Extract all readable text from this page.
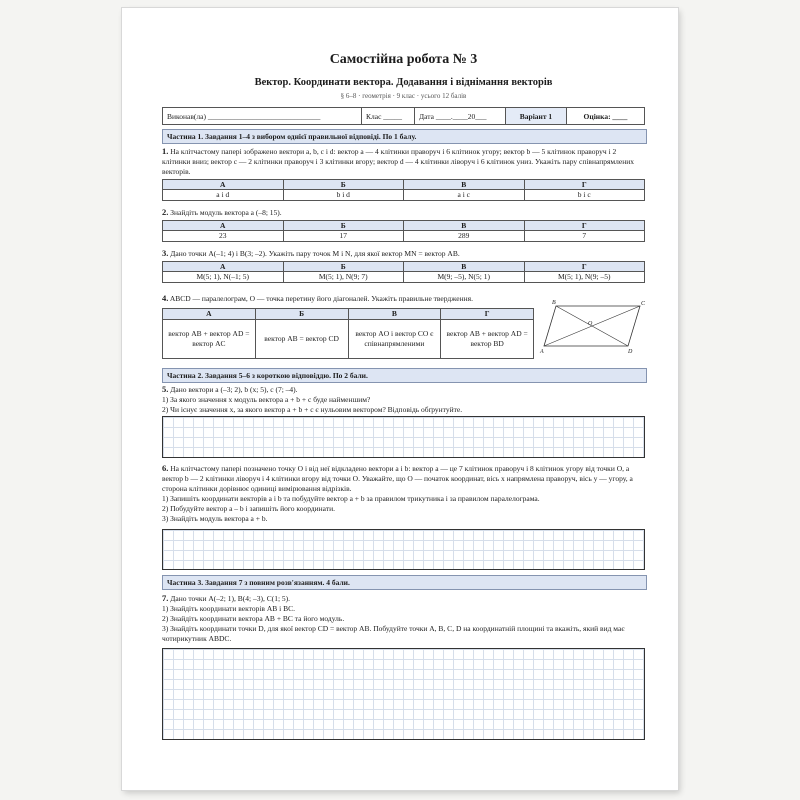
Самостійна робота № 3
Вектор. Координати вектора. Додавання і віднімання векторів
§ 6–8 · геометрія · 9 клас · усього 12 балів
Виконав(ла) ______________________________	Клас _____	Дата ____.____20___	Варіант 1	Оцінка: ____
Частина 1. Завдання 1–4 з вибором однієї правильної відповіді. По 1 балу.
1. На клітчастому папері зображено вектори a, b, c і d: вектор a — 4 клітинки праворуч і 6 клітинок угору; вектор b — 5 клітинок праворуч і 2 клітинки вниз; вектор c — 2 клітинки праворуч і 3 клітинки вгору; вектор d — 4 клітинки ліворуч і 6 клітинок униз. Укажіть пару співнапрямлених векторів.
А	Б	В	Г
a і d	b і d	a і c	b і c
2. Знайдіть модуль вектора a (–8; 15).
А	Б	В	Г
23	17	289	7
3. Дано точки A(–1; 4) і B(3; –2). Укажіть пару точок M і N, для якої вектор MN = вектор AB.
А	Б	В	Г
M(5; 1), N(–1; 5)	M(5; 1), N(9; 7)	M(9; –5), N(5; 1)	M(5; 1), N(9; –5)
4. ABCD — паралелограм, O — точка перетину його діагоналей. Укажіть правильне твердження.
А	Б	В	Г
вектор AB + вектор AD = вектор AC	вектор AB = вектор CD	вектор AO і вектор CO є співнапрямленими	вектор AB + вектор AD = вектор BD
B	C
A	D
O
Частина 2. Завдання 5–6 з короткою відповіддю. По 2 бали.
5. Дано вектори a (–3; 2), b (x; 5), c (7; –4).
1) За якого значення x модуль вектора a + b + c буде найменшим?
2) Чи існує значення x, за якого вектор a + b + c є нульовим вектором? Відповідь обґрунтуйте.
6. На клітчастому папері позначено точку O і від неї відкладено вектори a і b: вектор a — це 7 клітинок праворуч і 8 клітинок угору від точки O, а вектор b — 2 клітинки ліворуч і 4 клітинки вгору від точки O. Уважайте, що O — початок координат, вісь x напрямлена праворуч, вісь y — угору, а сторона клітинки дорівнює одиниці вимірювання відрізків.
1) Запишіть координати векторів a і b та побудуйте вектор a + b за правилом трикутника і за правилом паралелограма.
2) Побудуйте вектор a – b і запишіть його координати.
3) Знайдіть модуль вектора a + b.
Частина 3. Завдання 7 з повним розв'язанням. 4 бали.
7. Дано точки A(–2; 1), B(4; –3), C(1; 5).
1) Знайдіть координати векторів AB і BC.
2) Знайдіть координати вектора AB + BC та його модуль.
3) Знайдіть координати точки D, для якої вектор CD = вектор AB. Побудуйте точки A, B, C, D на координатній площині та вкажіть, який вид має чотирикутник ABDC.
